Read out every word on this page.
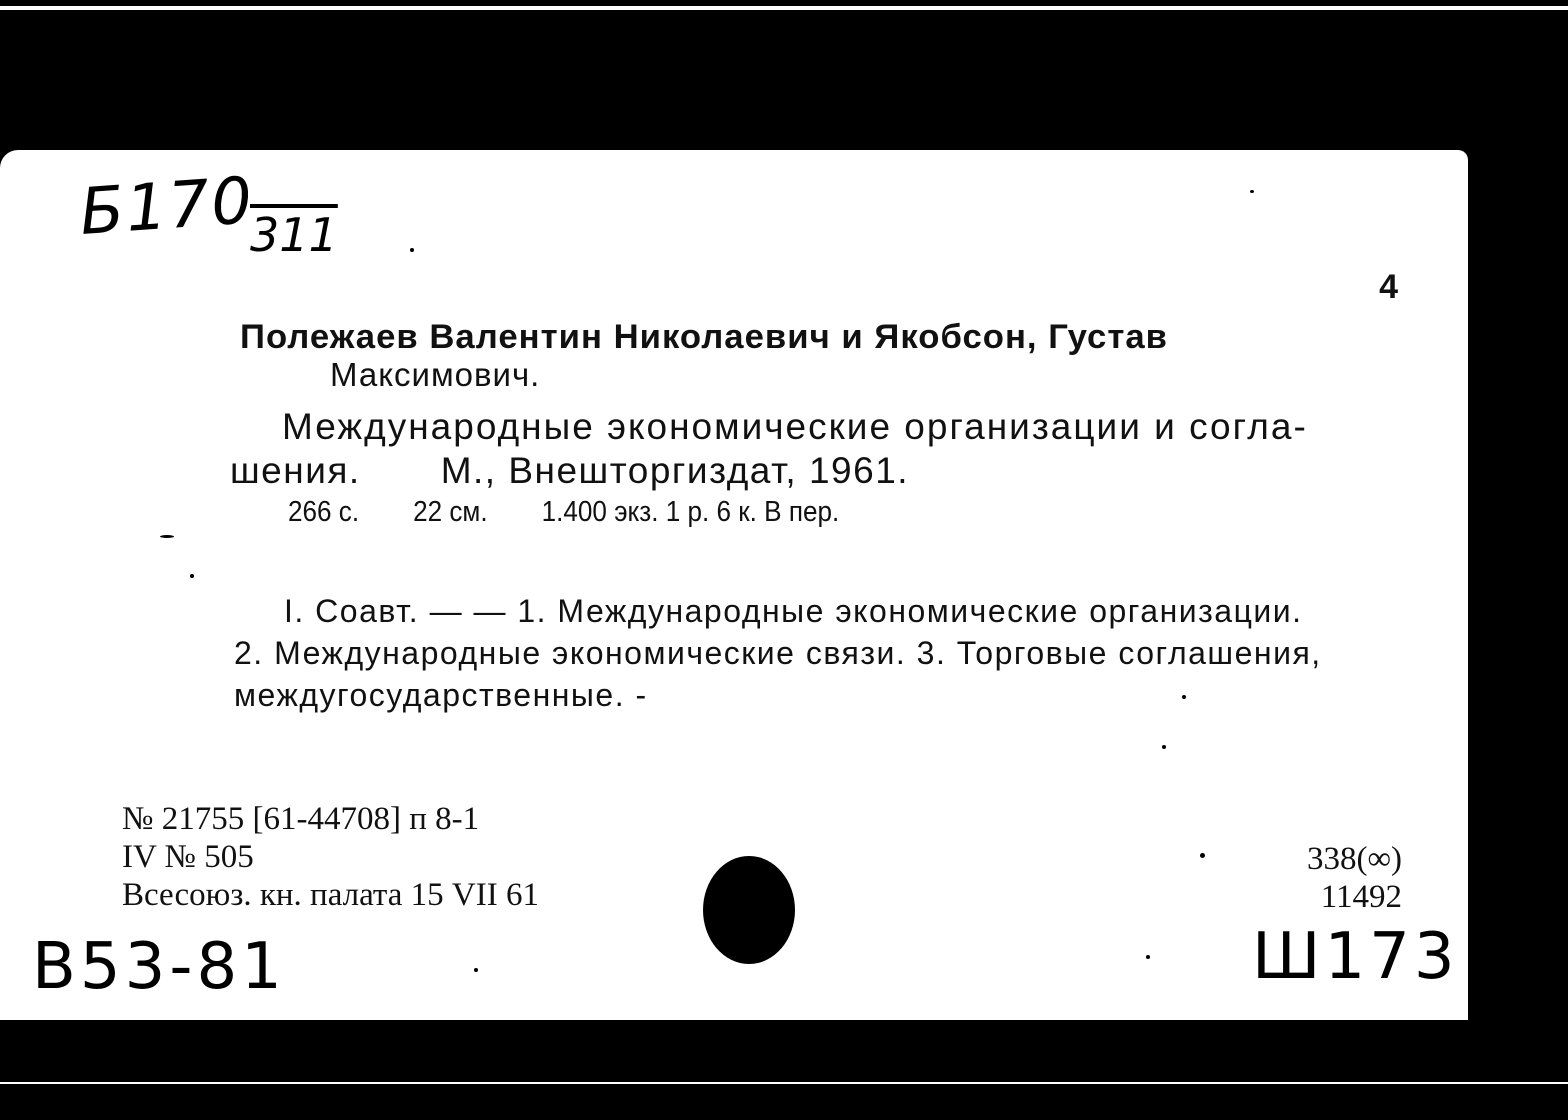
Б170
311
4
Полежаев Валентин Николаевич и Якобсон, Густав
Максимович.
Международные экономические организации и согла-
шения. М., Внешторгиздат, 1961.
266 с. 22 см. 1.400 экз. 1 р. 6 к. В пер.
I. Соавт. — — 1. Международные экономические организации.
2. Международные экономические связи. 3. Торговые соглашения,
междугосударственные. -
№ 21755 [61-44708] п 8-1
IV № 505
Всесоюз. кн. палата 15 VII 61
338(∞)
11492
B53-81	Ш173
